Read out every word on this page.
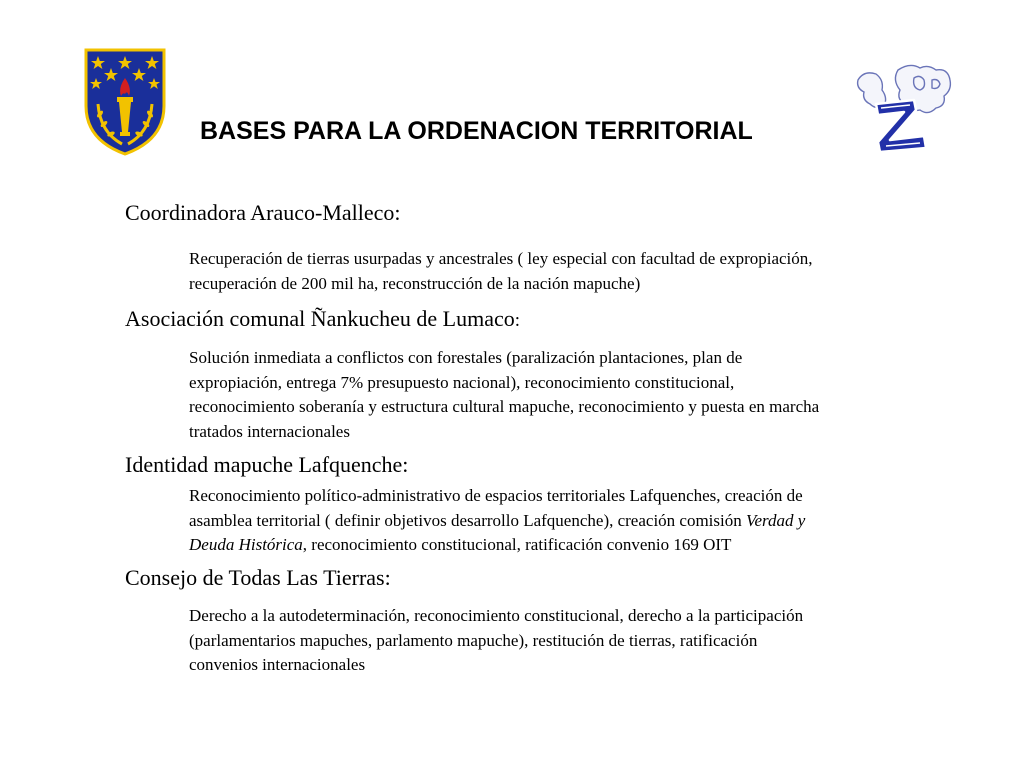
BASES PARA LA ORDENACION TERRITORIAL
Coordinadora Arauco-Malleco:

Recuperación de tierras usurpadas y ancestrales ( ley especial con facultad de expropiación,

recuperación de 200 mil ha, reconstrucción de la nación mapuche)

Asociación comunal Ñankucheu de Lumaco:

Solución inmediata a conflictos con forestales (paralización plantaciones, plan de

expropiación, entrega 7% presupuesto nacional), reconocimiento constitucional,

reconocimiento soberanía y estructura cultural mapuche, reconocimiento y puesta en marcha

tratados internacionales

Identidad mapuche Lafquenche:

Reconocimiento político-administrativo de espacios territoriales Lafquenches, creación de

asamblea territorial ( definir objetivos desarrollo Lafquenche), creación comisión Verdad y

Deuda Histórica, reconocimiento constitucional, ratificación convenio 169 OIT

Consejo de Todas Las Tierras:

Derecho a la autodeterminación, reconocimiento constitucional, derecho a la participación

(parlamentarios mapuches, parlamento mapuche), restitución de tierras, ratificación

convenios internacionales
